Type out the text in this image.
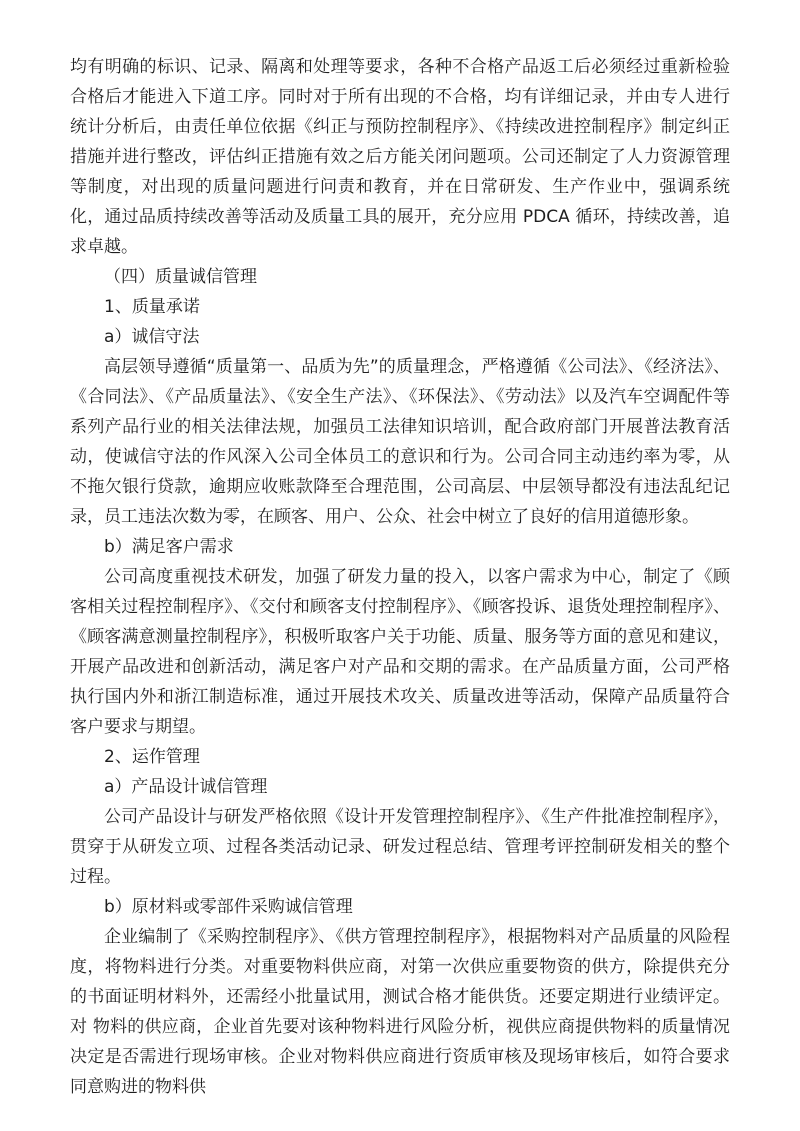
均有明确的标识、记录、隔离和处理等要求，各种不合格产品返工后必须经过重新检验合格后才能进入下道工序。同时对于所有出现的不合格，均有详细记录，并由专人进行统计分析后，由责任单位依据《纠正与预防控制程序》、《持续改进控制程序》制定纠正措施并进行整改，评估纠正措施有效之后方能关闭问题项。公司还制定了人力资源管理等制度，对出现的质量问题进行问责和教育，并在日常研发、生产作业中，强调系统化，通过品质持续改善等活动及质量工具的展开，充分应用 PDCA 循环，持续改善，追求卓越。

（四）质量诚信管理

1、质量承诺

a）诚信守法

高层领导遵循“质量第一、品质为先”的质量理念，严格遵循《公司法》、《经济法》、《合同法》、《产品质量法》、《安全生产法》、《环保法》、《劳动法》以及汽车空调配件等系列产品行业的相关法律法规，加强员工法律知识培训，配合政府部门开展普法教育活动，使诚信守法的作风深入公司全体员工的意识和行为。公司合同主动违约率为零，从不拖欠银行贷款，逾期应收账款降至合理范围，公司高层、中层领导都没有违法乱纪记录，员工违法次数为零，在顾客、用户、公众、社会中树立了良好的信用道德形象。

b）满足客户需求

公司高度重视技术研发，加强了研发力量的投入，以客户需求为中心，制定了《顾客相关过程控制程序》、《交付和顾客支付控制程序》、《顾客投诉、退货处理控制程序》、《顾客满意测量控制程序》，积极听取客户关于功能、质量、服务等方面的意见和建议，开展产品改进和创新活动，满足客户对产品和交期的需求。在产品质量方面，公司严格执行国内外和浙江制造标准，通过开展技术攻关、质量改进等活动，保障产品质量符合客户要求与期望。

2、运作管理

a）产品设计诚信管理

公司产品设计与研发严格依照《设计开发管理控制程序》、《生产件批准控制程序》，贯穿于从研发立项、过程各类活动记录、研发过程总结、管理考评控制研发相关的整个过程。

b）原材料或零部件采购诚信管理

企业编制了《采购控制程序》、《供方管理控制程序》，根据物料对产品质量的风险程度，将物料进行分类。对重要物料供应商，对第一次供应重要物资的供方，除提供充分的书面证明材料外，还需经小批量试用，测试合格才能供货。还要定期进行业绩评定。对 物料的供应商，企业首先要对该种物料进行风险分析，视供应商提供物料的质量情况决定是否需进行现场审核。企业对物料供应商进行资质审核及现场审核后，如符合要求同意购进的物料供
